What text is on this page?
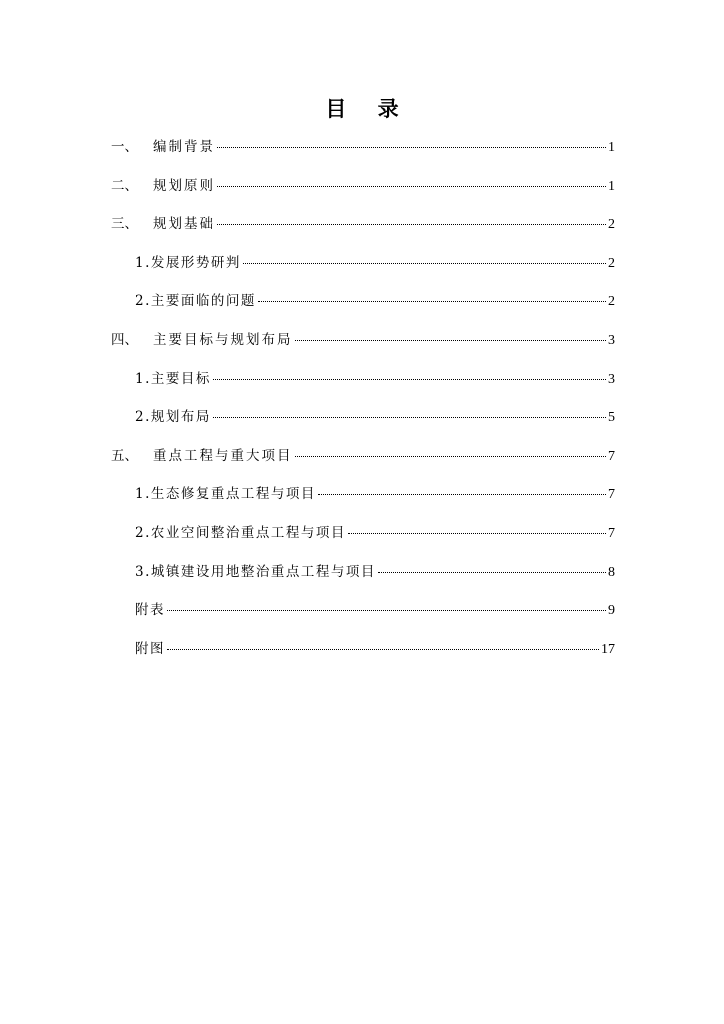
目 录
一、	编制背景	1
二、	规划原则	1
三、	规划基础	2
1.发展形势研判	2
2.主要面临的问题	2
四、	主要目标与规划布局	3
1.主要目标	3
2.规划布局	5
五、	重点工程与重大项目	7
1.生态修复重点工程与项目	7
2.农业空间整治重点工程与项目	7
3.城镇建设用地整治重点工程与项目	8
附表	9
附图	17
